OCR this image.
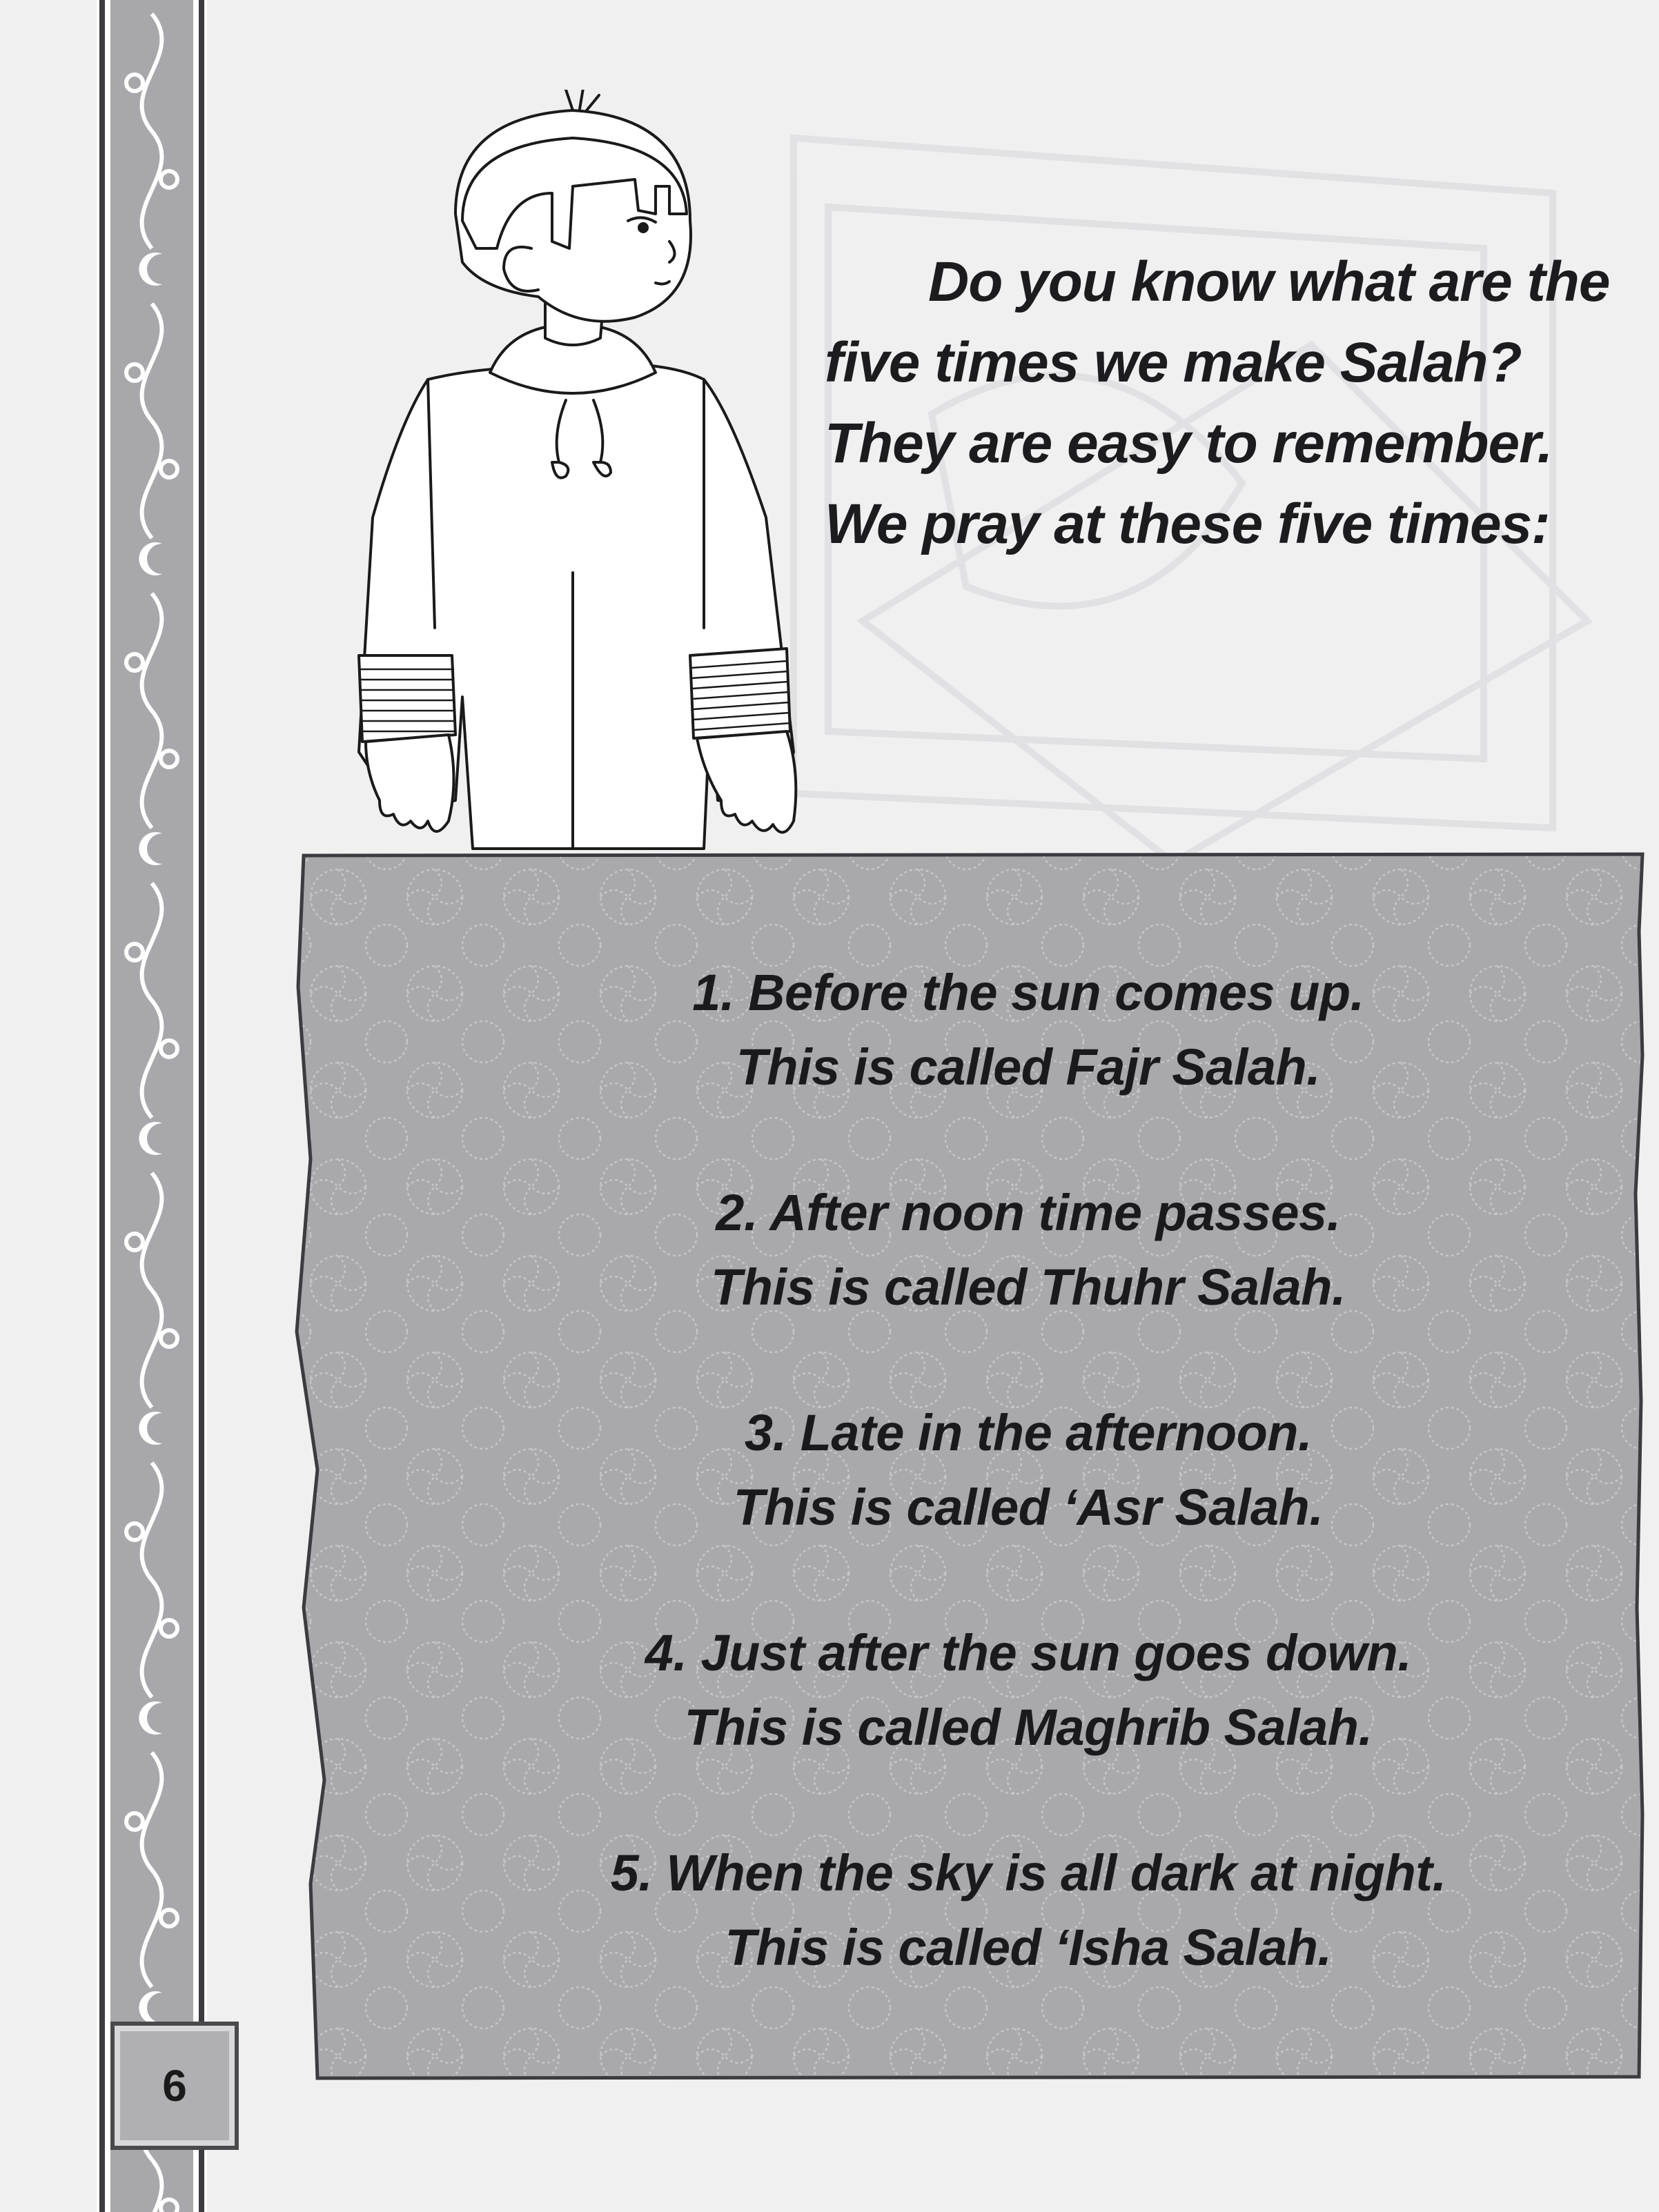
Do you know what are the five times we make Salah? They are easy to remember. We pray at these five times:
1. Before the sun comes up.
This is called Fajr Salah.
2. After noon time passes.
This is called Thuhr Salah.
3. Late in the afternoon.
This is called ‘Asr Salah.
4. Just after the sun goes down.
This is called Maghrib Salah.
5. When the sky is all dark at night.
This is called ‘Isha Salah.
6
